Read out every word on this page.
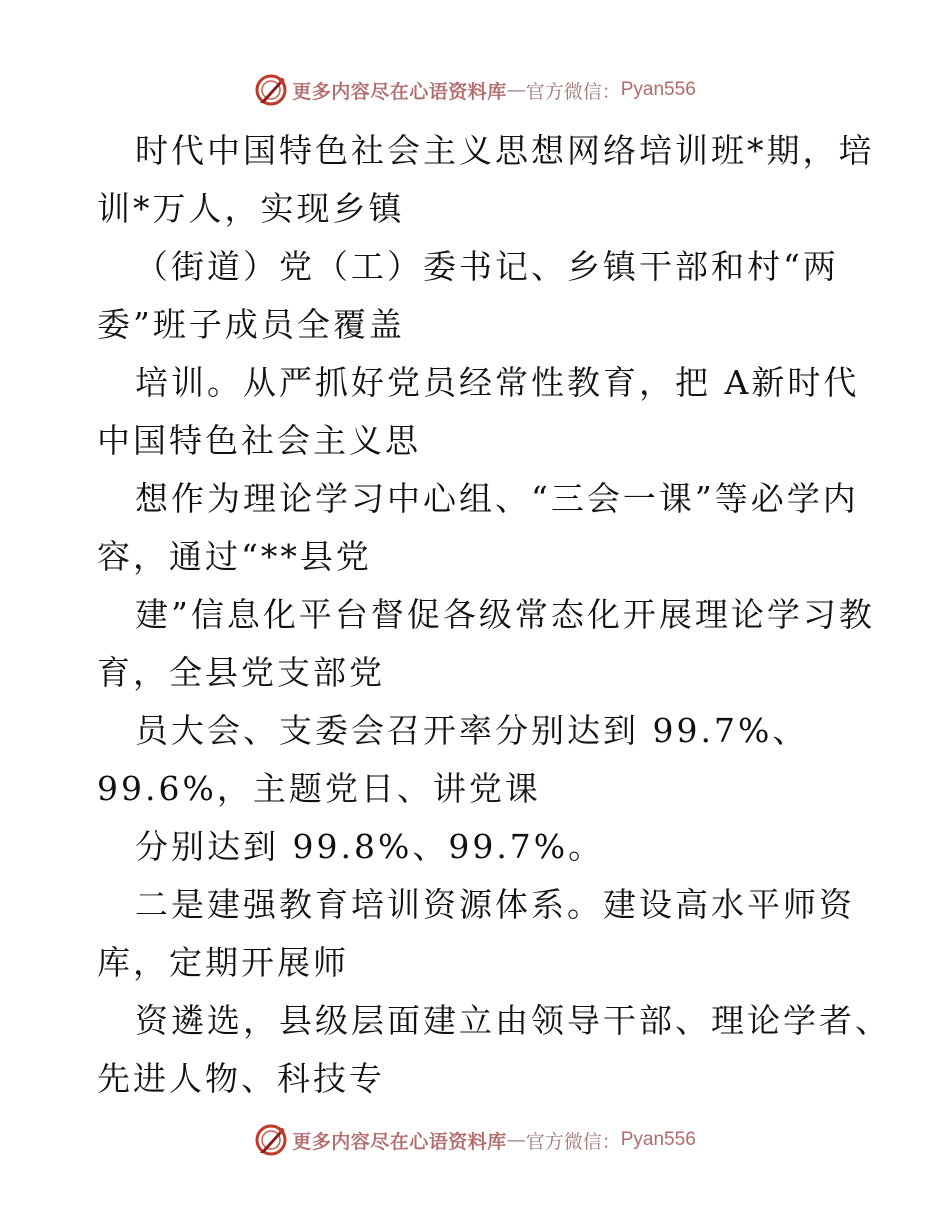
更多内容尽在心语资料库 — 官方微信： Pyan556
时代中国特色社会主义思想网络培训班*期，培
训*万人，实现乡镇
（街道）党（工）委书记、乡镇干部和村“两
委”班子成员全覆盖
培训。从严抓好党员经常性教育，把 A新时代
中国特色社会主义思
想作为理论学习中心组、“三会一课”等必学内
容，通过“**县党
建”信息化平台督促各级常态化开展理论学习教
育，全县党支部党
员大会、支委会召开率分别达到 99.7%、
99.6%，主题党日、讲党课
分别达到 99.8%、99.7%。
二是建强教育培训资源体系。建设高水平师资
库，定期开展师
资遴选，县级层面建立由领导干部、理论学者、
先进人物、科技专
更多内容尽在心语资料库 — 官方微信： Pyan556
